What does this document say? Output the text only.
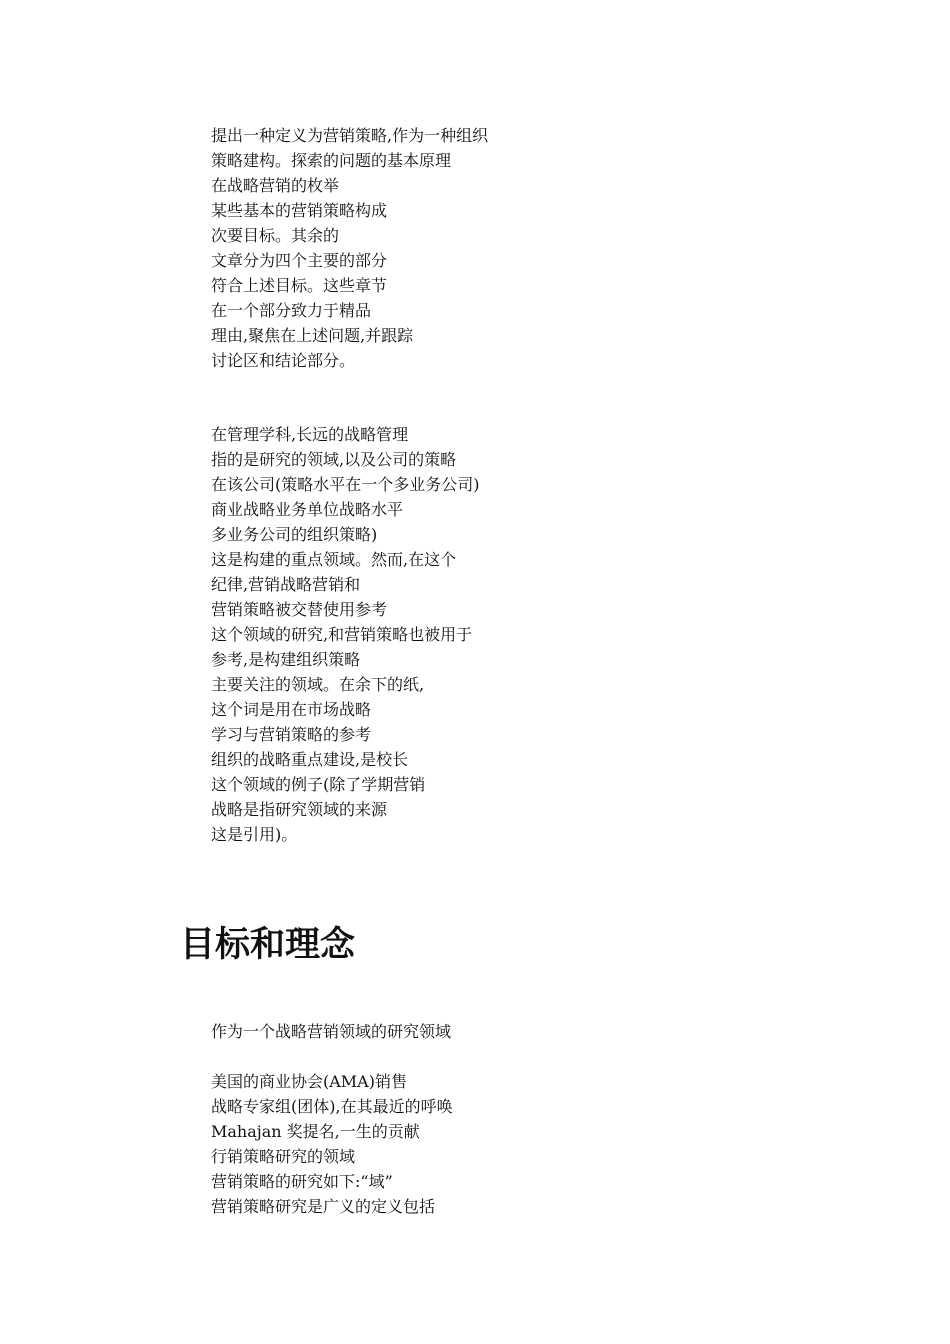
提出一种定义为营销策略,作为一种组织
策略建构。探索的问题的基本原理
在战略营销的枚举
某些基本的营销策略构成
次要目标。其余的
文章分为四个主要的部分
符合上述目标。这些章节
在一个部分致力于精品
理由,聚焦在上述问题,并跟踪
讨论区和结论部分。
在管理学科,长远的战略管理
指的是研究的领域,以及公司的策略
在该公司(策略水平在一个多业务公司)
商业战略业务单位战略水平
多业务公司的组织策略)
这是构建的重点领域。然而,在这个
纪律,营销战略营销和
营销策略被交替使用参考
这个领域的研究,和营销策略也被用于
参考,是构建组织策略
主要关注的领域。在余下的纸,
这个词是用在市场战略
学习与营销策略的参考
组织的战略重点建设,是校长
这个领域的例子(除了学期营销
战略是指研究领域的来源
这是引用)。
目标和理念
作为一个战略营销领域的研究领域
美国的商业协会(AMA)销售
战略专家组(团体),在其最近的呼唤
Mahajan 奖提名,一生的贡献
行销策略研究的领域
营销策略的研究如下:“域”
营销策略研究是广义的定义包括
